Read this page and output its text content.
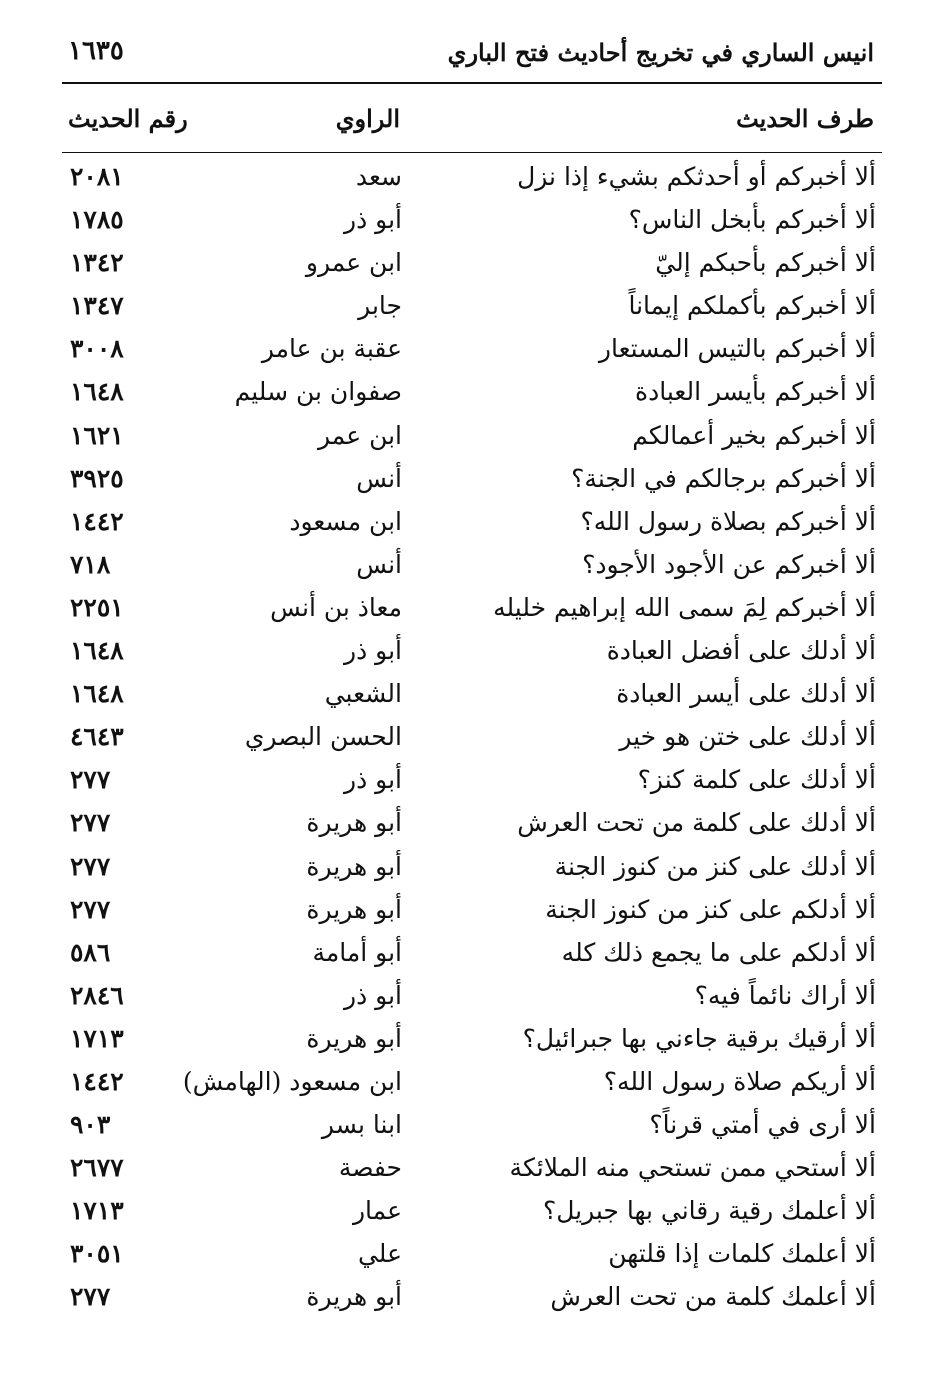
انيس الساري في تخريج أحاديث فتح الباري
١٦٣٥
طرف الحديث
الراوي
رقم الحديث
ألا أخبركم أو أحدثكم بشيء إذا نزل
سعد
٢٠٨١
ألا أخبركم بأبخل الناس؟
أبو ذر
١٧٨٥
ألا أخبركم بأحبكم إليّ
ابن عمرو
١٣٤٢
ألا أخبركم بأكملكم إيماناً
جابر
١٣٤٧
ألا أخبركم بالتيس المستعار
عقبة بن عامر
٣٠٠٨
ألا أخبركم بأيسر العبادة
صفوان بن سليم
١٦٤٨
ألا أخبركم بخير أعمالكم
ابن عمر
١٦٢١
ألا أخبركم برجالكم في الجنة؟
أنس
٣٩٢٥
ألا أخبركم بصلاة رسول الله؟
ابن مسعود
١٤٤٢
ألا أخبركم عن الأجود الأجود؟
أنس
٧١٨
ألا أخبركم لِمَ سمى الله إبراهيم خليله
معاذ بن أنس
٢٢٥١
ألا أدلك على أفضل العبادة
أبو ذر
١٦٤٨
ألا أدلك على أيسر العبادة
الشعبي
١٦٤٨
ألا أدلك على ختن هو خير
الحسن البصري
٤٦٤٣
ألا أدلك على كلمة كنز؟
أبو ذر
٢٧٧
ألا أدلك على كلمة من تحت العرش
أبو هريرة
٢٧٧
ألا أدلك على كنز من كنوز الجنة
أبو هريرة
٢٧٧
ألا أدلكم على كنز من كنوز الجنة
أبو هريرة
٢٧٧
ألا أدلكم على ما يجمع ذلك كله
أبو أمامة
٥٨٦
ألا أراك نائماً فيه؟
أبو ذر
٢٨٤٦
ألا أرقيك برقية جاءني بها جبرائيل؟
أبو هريرة
١٧١٣
ألا أريكم صلاة رسول الله؟
ابن مسعود (الهامش)
١٤٤٢
ألا أرى في أمتي قرناً؟
ابنا بسر
٩٠٣
ألا أستحي ممن تستحي منه الملائكة
حفصة
٢٦٧٧
ألا أعلمك رقية رقاني بها جبريل؟
عمار
١٧١٣
ألا أعلمك كلمات إذا قلتهن
علي
٣٠٥١
ألا أعلمك كلمة من تحت العرش
أبو هريرة
٢٧٧
